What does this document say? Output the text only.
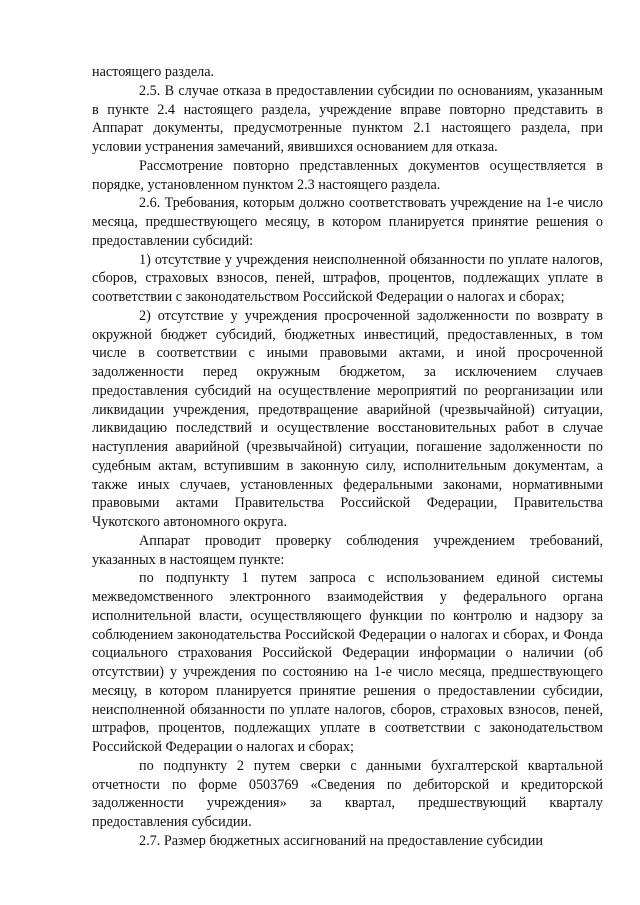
настоящего раздела.

2.5. В случае отказа в предоставлении субсидии по основаниям, указанным в пункте 2.4 настоящего раздела, учреждение вправе повторно представить в Аппарат документы, предусмотренные пунктом 2.1 настоящего раздела, при условии устранения замечаний, явившихся основанием для отказа.

Рассмотрение повторно представленных документов осуществляется в порядке, установленном пунктом 2.3 настоящего раздела.

2.6. Требования, которым должно соответствовать учреждение на 1-е число месяца, предшествующего месяцу, в котором планируется принятие решения о предоставлении субсидий:

1) отсутствие у учреждения неисполненной обязанности по уплате налогов, сборов, страховых взносов, пеней, штрафов, процентов, подлежащих уплате в соответствии с законодательством Российской Федерации о налогах и сборах;

2) отсутствие у учреждения просроченной задолженности по возврату в окружной бюджет субсидий, бюджетных инвестиций, предоставленных, в том числе в соответствии с иными правовыми актами, и иной просроченной задолженности перед окружным бюджетом, за исключением случаев предоставления субсидий на осуществление мероприятий по реорганизации или ликвидации учреждения, предотвращение аварийной (чрезвычайной) ситуации, ликвидацию последствий и осуществление восстановительных работ в случае наступления аварийной (чрезвычайной) ситуации, погашение задолженности по судебным актам, вступившим в законную силу, исполнительным документам, а также иных случаев, установленных федеральными законами, нормативными правовыми актами Правительства Российской Федерации, Правительства Чукотского автономного округа.

Аппарат проводит проверку соблюдения учреждением требований, указанных в настоящем пункте:

по подпункту 1 путем запроса с использованием единой системы межведомственного электронного взаимодействия у федерального органа исполнительной власти, осуществляющего функции по контролю и надзору за соблюдением законодательства Российской Федерации о налогах и сборах, и Фонда социального страхования Российской Федерации информации о наличии (об отсутствии) у учреждения по состоянию на 1-е число месяца, предшествующего месяцу, в котором планируется принятие решения о предоставлении субсидии, неисполненной обязанности по уплате налогов, сборов, страховых взносов, пеней, штрафов, процентов, подлежащих уплате в соответствии с законодательством Российской Федерации о налогах и сборах;

по подпункту 2 путем сверки с данными бухгалтерской квартальной отчетности по форме 0503769 «Сведения по дебиторской и кредиторской задолженности учреждения» за квартал, предшествующий кварталу предоставления субсидии.

2.7. Размер бюджетных ассигнований на предоставление субсидии
